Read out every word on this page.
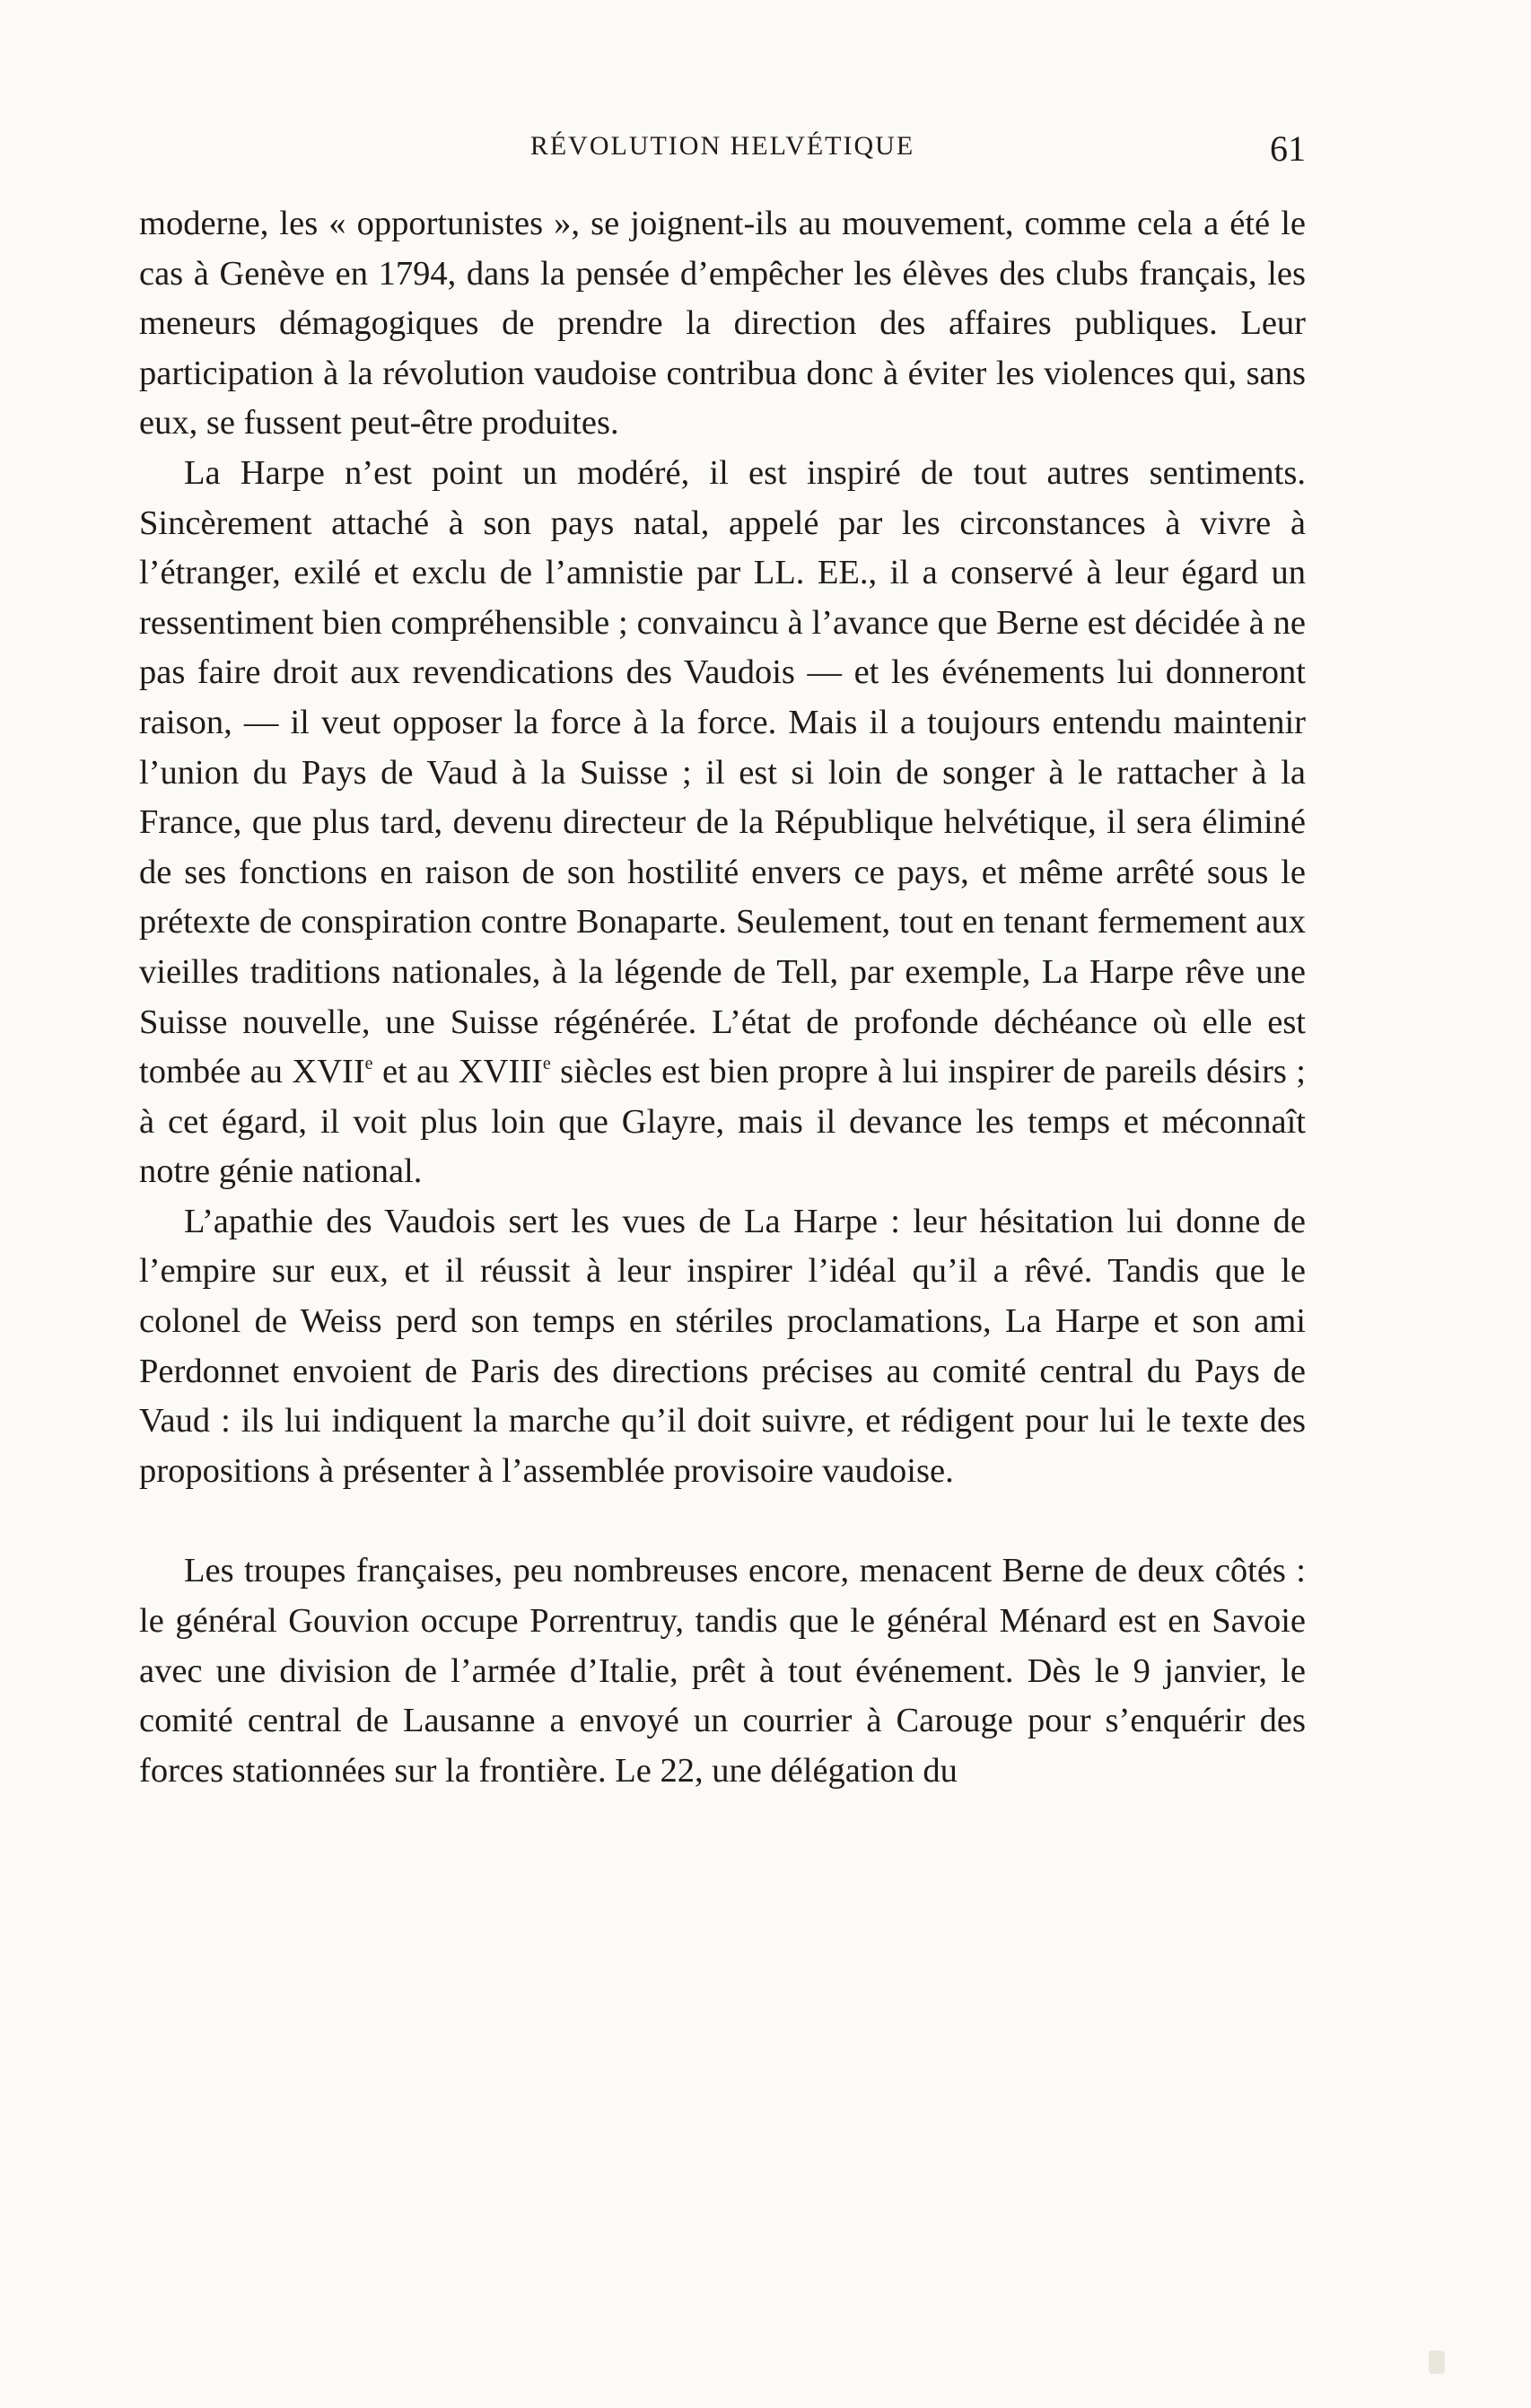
RÉVOLUTION HELVÉTIQUE	61

moderne, les « opportunistes », se joignent-ils au mouvement, comme cela a été le cas à Genève en 1794, dans la pensée d’empêcher les élèves des clubs français, les meneurs démagogiques de prendre la direction des affaires publiques. Leur participation à la révolution vaudoise contribua donc à éviter les violences qui, sans eux, se fussent peut-être produites.

La Harpe n’est point un modéré, il est inspiré de tout autres sentiments. Sincèrement attaché à son pays natal, appelé par les circonstances à vivre à l’étranger, exilé et exclu de l’amnistie par LL. EE., il a conservé à leur égard un ressentiment bien compréhensible ; convaincu à l’avance que Berne est décidée à ne pas faire droit aux revendications des Vaudois — et les événements lui donneront raison, — il veut opposer la force à la force. Mais il a toujours entendu maintenir l’union du Pays de Vaud à la Suisse ; il est si loin de songer à le rattacher à la France, que plus tard, devenu directeur de la République helvétique, il sera éliminé de ses fonctions en raison de son hostilité envers ce pays, et même arrêté sous le prétexte de conspiration contre Bonaparte. Seulement, tout en tenant fermement aux vieilles traditions nationales, à la légende de Tell, par exemple, La Harpe rêve une Suisse nouvelle, une Suisse régénérée. L’état de profonde déchéance où elle est tombée au XVIIe et au XVIIIe siècles est bien propre à lui inspirer de pareils désirs ; à cet égard, il voit plus loin que Glayre, mais il devance les temps et méconnaît notre génie national.

L’apathie des Vaudois sert les vues de La Harpe : leur hésitation lui donne de l’empire sur eux, et il réussit à leur inspirer l’idéal qu’il a rêvé. Tandis que le colonel de Weiss perd son temps en stériles proclamations, La Harpe et son ami Perdonnet envoient de Paris des directions précises au comité central du Pays de Vaud : ils lui indiquent la marche qu’il doit suivre, et rédigent pour lui le texte des propositions à présenter à l’assemblée provisoire vaudoise.

Les troupes françaises, peu nombreuses encore, menacent Berne de deux côtés : le général Gouvion occupe Porrentruy, tandis que le général Ménard est en Savoie avec une division de l’armée d’Italie, prêt à tout événement. Dès le 9 janvier, le comité central de Lausanne a envoyé un courrier à Carouge pour s’enquérir des forces stationnées sur la frontière. Le 22, une délégation du
